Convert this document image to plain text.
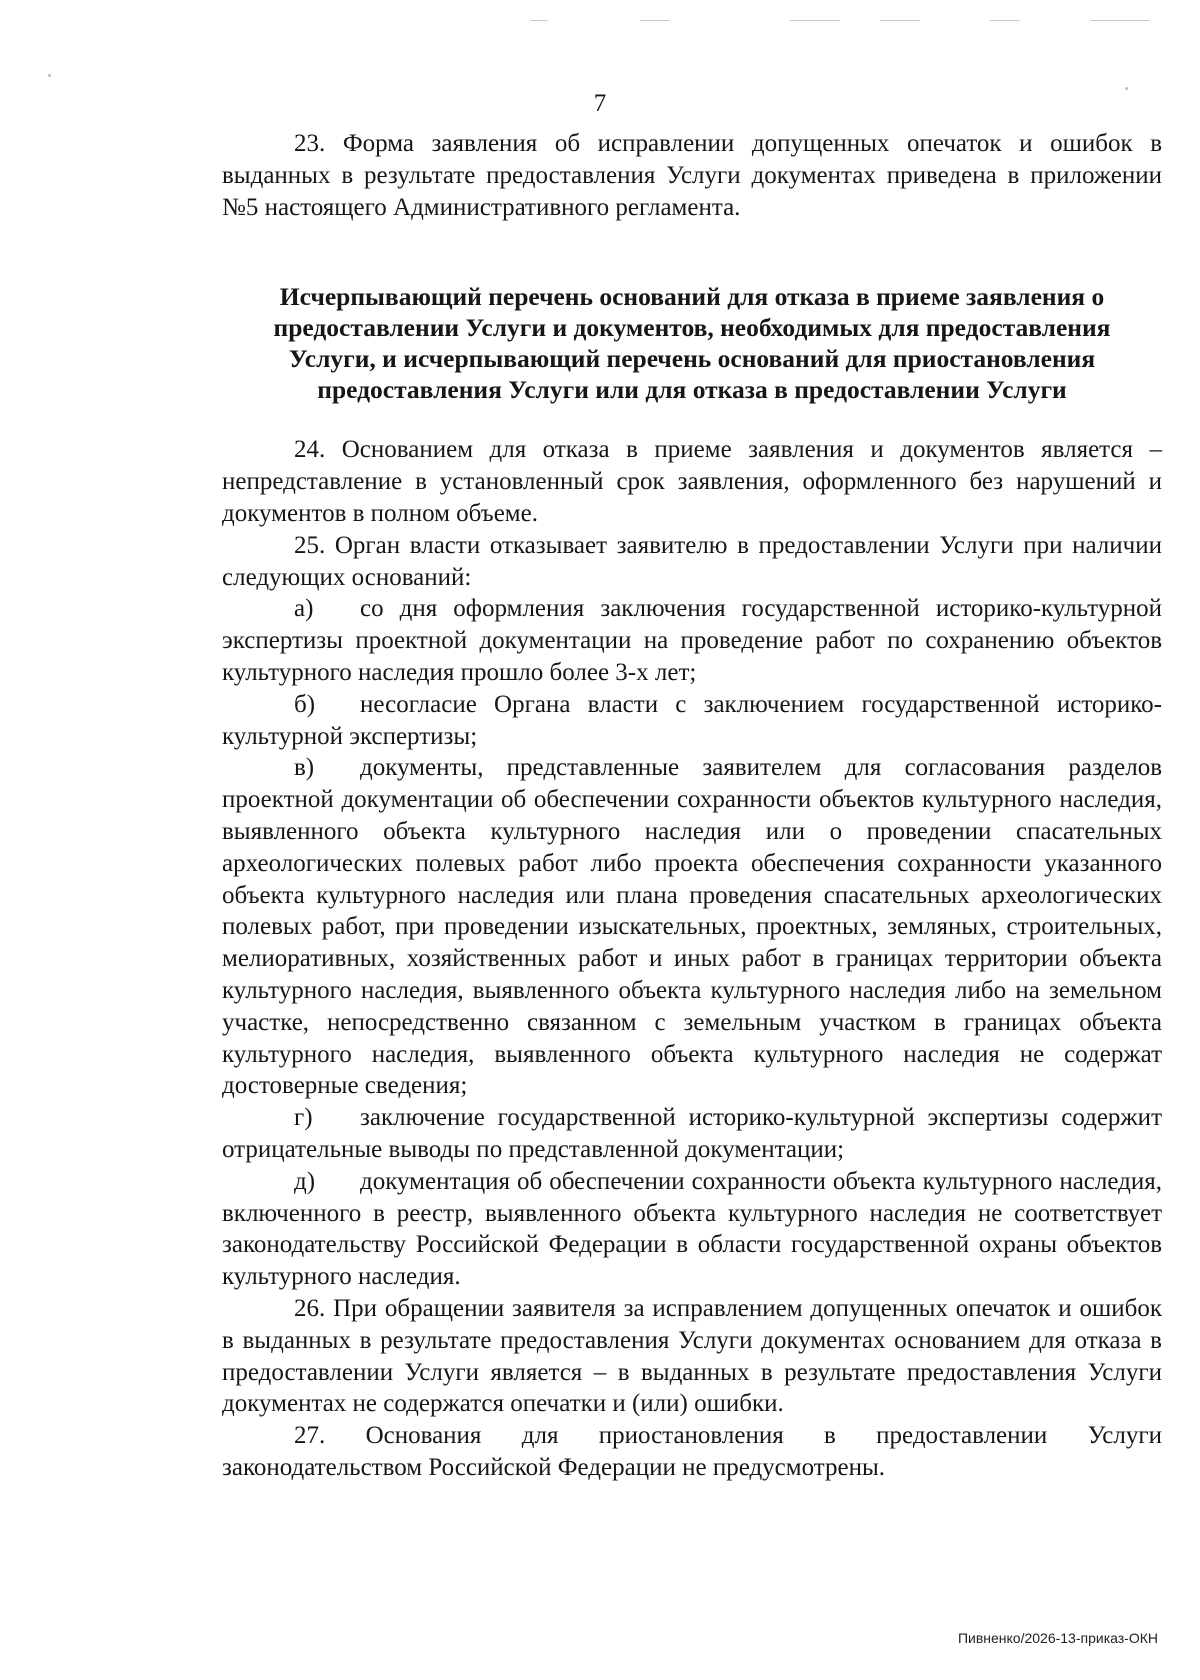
7

23. Форма заявления об исправлении допущенных опечаток и ошибок в выданных в результате предоставления Услуги документах приведена в приложении №5 настоящего Административного регламента.

Исчерпывающий перечень оснований для отказа в приеме заявления о
предоставлении Услуги и документов, необходимых для предоставления
Услуги, и исчерпывающий перечень оснований для приостановления
предоставления Услуги или для отказа в предоставлении Услуги

24. Основанием для отказа в приеме заявления и документов является – непредставление в установленный срок заявления, оформленного без нарушений и документов в полном объеме.

25. Орган власти отказывает заявителю в предоставлении Услуги при наличии следующих оснований:

а) со дня оформления заключения государственной историко-культурной экспертизы проектной документации на проведение работ по сохранению объектов культурного наследия прошло более 3-х лет;

б) несогласие Органа власти с заключением государственной историко-культурной экспертизы;

в) документы, представленные заявителем для согласования разделов проектной документации об обеспечении сохранности объектов культурного наследия, выявленного объекта культурного наследия или о проведении спасательных археологических полевых работ либо проекта обеспечения сохранности указанного объекта культурного наследия или плана проведения спасательных археологических полевых работ, при проведении изыскательных, проектных, земляных, строительных, мелиоративных, хозяйственных работ и иных работ в границах территории объекта культурного наследия, выявленного объекта культурного наследия либо на земельном участке, непосредственно связанном с земельным участком в границах объекта культурного наследия, выявленного объекта культурного наследия не содержат достоверные сведения;

г) заключение государственной историко-культурной экспертизы содержит отрицательные выводы по представленной документации;

д) документация об обеспечении сохранности объекта культурного наследия, включенного в реестр, выявленного объекта культурного наследия не соответствует законодательству Российской Федерации в области государственной охраны объектов культурного наследия.

26. При обращении заявителя за исправлением допущенных опечаток и ошибок в выданных в результате предоставления Услуги документах основанием для отказа в предоставлении Услуги является – в выданных в результате предоставления Услуги документах не содержатся опечатки и (или) ошибки.

27. Основания для приостановления в предоставлении Услуги законодательством Российской Федерации не предусмотрены.

Пивненко/2026-13-приказ-ОКН
